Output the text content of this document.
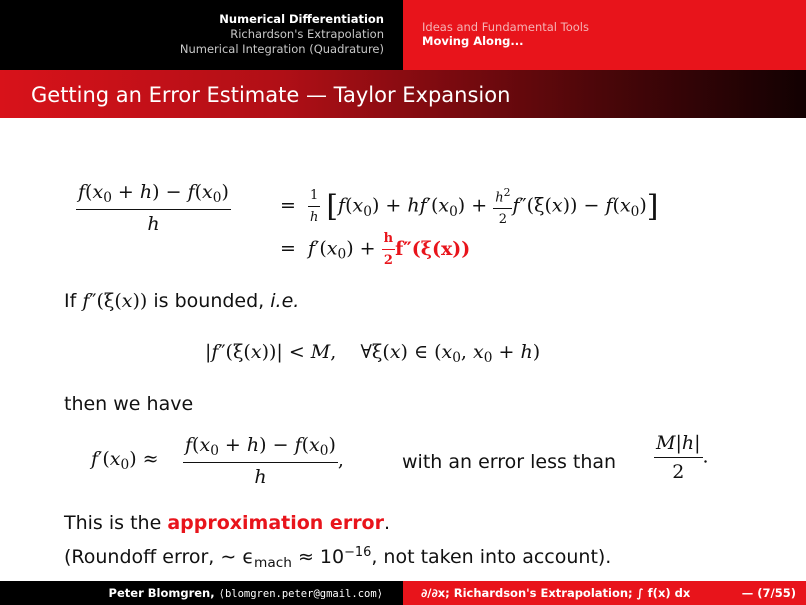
Numerical Differentiation
Richardson's Extrapolation
Numerical Integration (Quadrature)
Ideas and Fundamental Tools
Moving Along...
Getting an Error Estimate — Taylor Expansion
$\frac{f(x_0 + h) - f(x_0)}{h}$	= $\frac{1}{h} [f(x_0) + hf'(x_0) + \frac{h^2}{2} f''(\xi(x)) - f(x_0)]$
=  $f'(x_0) + \frac{h}{2} f''(\xi(x))$
If f″(ξ(x)) is bounded, i.e.
|f″(ξ(x))| < M,    ∀ξ(x) ∈ ($x_0$, $x_0 + h$)
then we have
$f'(x_0) \approx \frac{f(x_0 + h) - f(x_0)}{h}$ ,	with an error less than $\frac{M|h|}{2}$ .
This is the approximation error.
(Roundoff error, ∼ $\epsilon_{mach} \approx 10^{-16}$, not taken into account).
Peter Blomgren, ⟨blomgren.peter@gmail.com⟩	∂/∂x; Richardson's Extrapolation; ∫ f(x) dx	— (7/55)
